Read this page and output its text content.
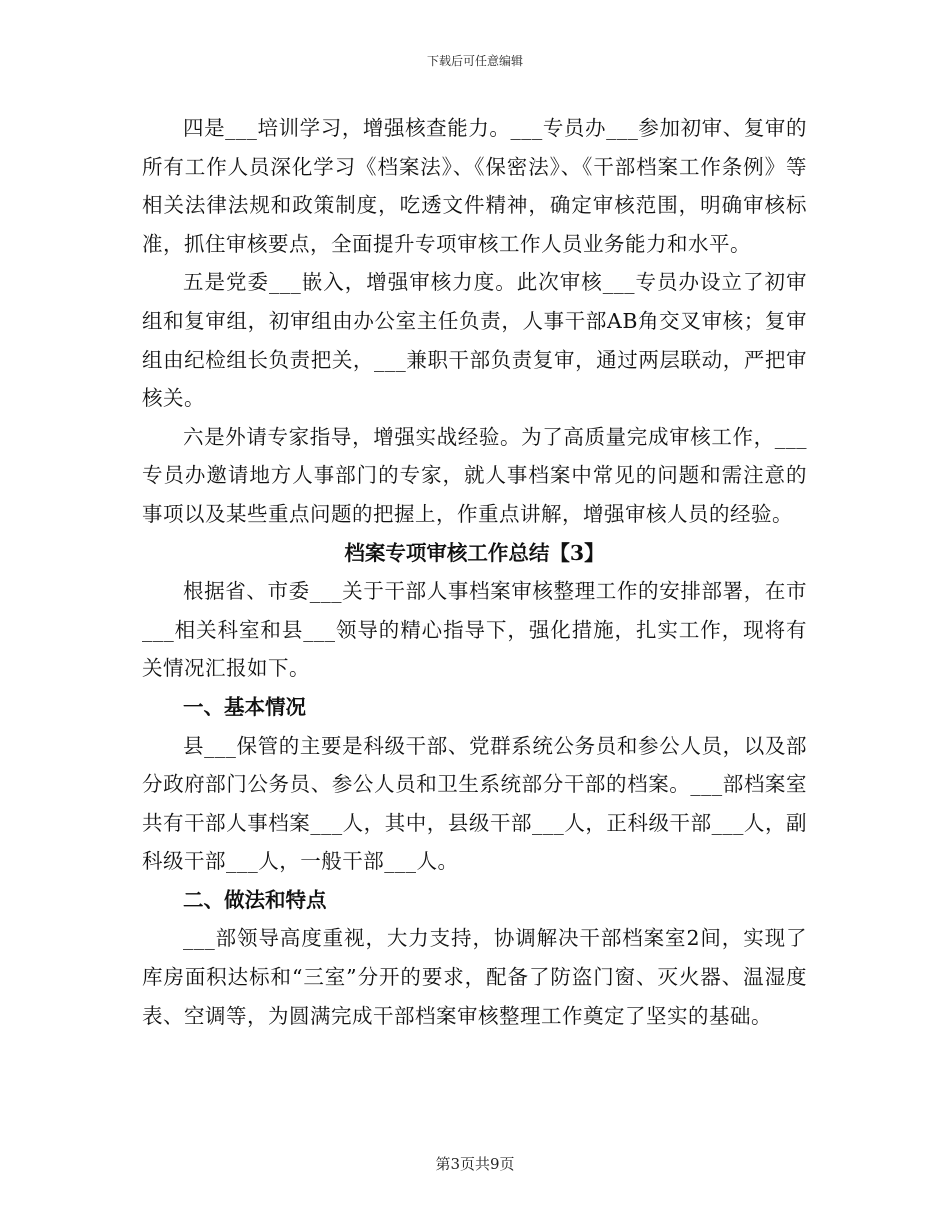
下载后可任意编辑

四是___培训学习，增强核查能力。___专员办___参加初审、复审的所有工作人员深化学习《档案法》、《保密法》、《干部档案工作条例》等相关法律法规和政策制度，吃透文件精神，确定审核范围，明确审核标准，抓住审核要点，全面提升专项审核工作人员业务能力和水平。

五是党委___嵌入，增强审核力度。此次审核___专员办设立了初审组和复审组，初审组由办公室主任负责，人事干部AB角交叉审核；复审组由纪检组长负责把关，___兼职干部负责复审，通过两层联动，严把审核关。

六是外请专家指导，增强实战经验。为了高质量完成审核工作，___专员办邀请地方人事部门的专家，就人事档案中常见的问题和需注意的事项以及某些重点问题的把握上，作重点讲解，增强审核人员的经验。

档案专项审核工作总结【3】

根据省、市委___关于干部人事档案审核整理工作的安排部署，在市___相关科室和县___领导的精心指导下，强化措施，扎实工作，现将有关情况汇报如下。

一、基本情况

县___保管的主要是科级干部、党群系统公务员和参公人员，以及部分政府部门公务员、参公人员和卫生系统部分干部的档案。___部档案室共有干部人事档案___人，其中，县级干部___人，正科级干部___人，副科级干部___人，一般干部___人。

二、做法和特点

___部领导高度重视，大力支持，协调解决干部档案室2间，实现了库房面积达标和“三室”分开的要求，配备了防盗门窗、灭火器、温湿度表、空调等，为圆满完成干部档案审核整理工作奠定了坚实的基础。

第3页共9页
